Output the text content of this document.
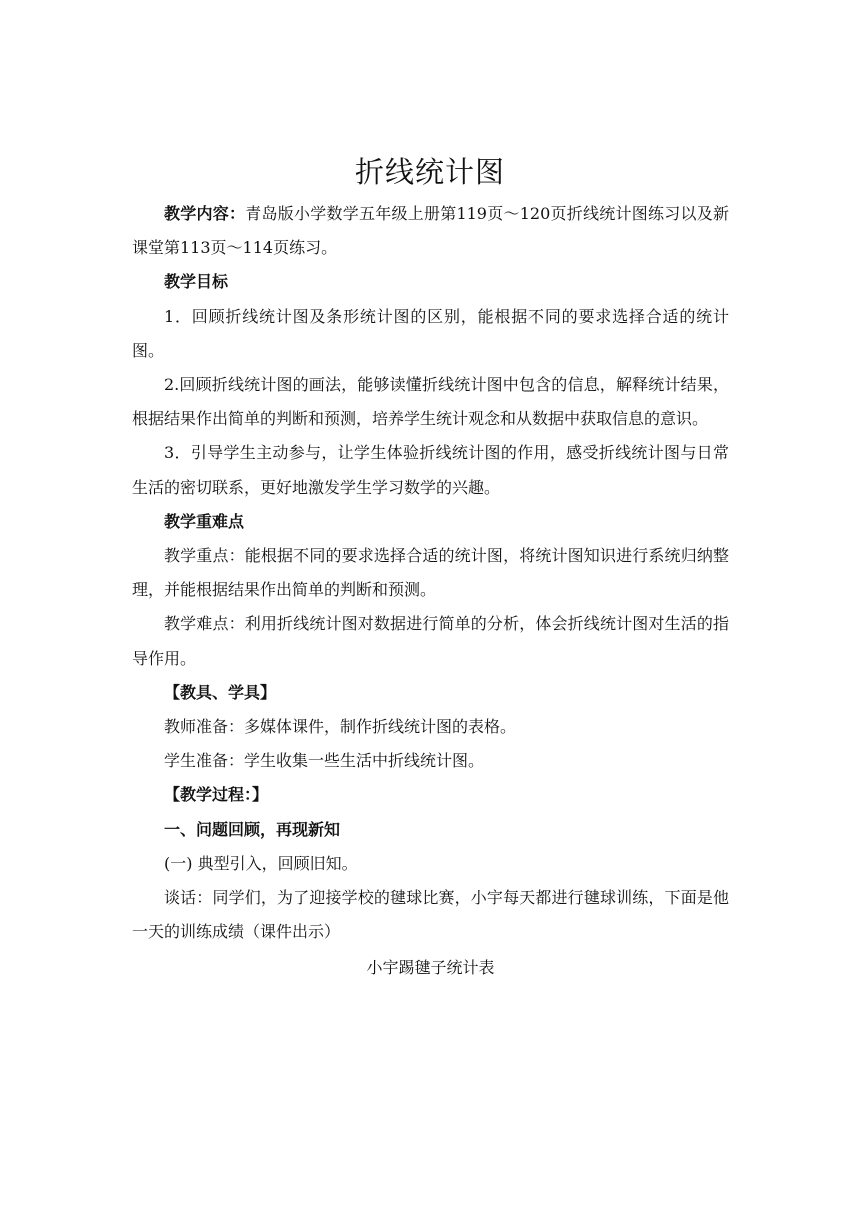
折线统计图

教学内容：青岛版小学数学五年级上册第119页～120页折线统计图练习以及新课堂第113页～114页练习。

教学目标

1．回顾折线统计图及条形统计图的区别，能根据不同的要求选择合适的统计图。

2.回顾折线统计图的画法，能够读懂折线统计图中包含的信息，解释统计结果，根据结果作出简单的判断和预测，培养学生统计观念和从数据中获取信息的意识。

3．引导学生主动参与，让学生体验折线统计图的作用，感受折线统计图与日常生活的密切联系，更好地激发学生学习数学的兴趣。

教学重难点

教学重点：能根据不同的要求选择合适的统计图，将统计图知识进行系统归纳整理，并能根据结果作出简单的判断和预测。

教学难点：利用折线统计图对数据进行简单的分析，体会折线统计图对生活的指导作用。

【教具、学具】

教师准备：多媒体课件，制作折线统计图的表格。

学生准备：学生收集一些生活中折线统计图。

【教学过程：】

一、问题回顾，再现新知

(一) 典型引入，回顾旧知。

谈话：同学们，为了迎接学校的毽球比赛，小宇每天都进行毽球训练，下面是他一天的训练成绩（课件出示）

小宇踢毽子统计表
